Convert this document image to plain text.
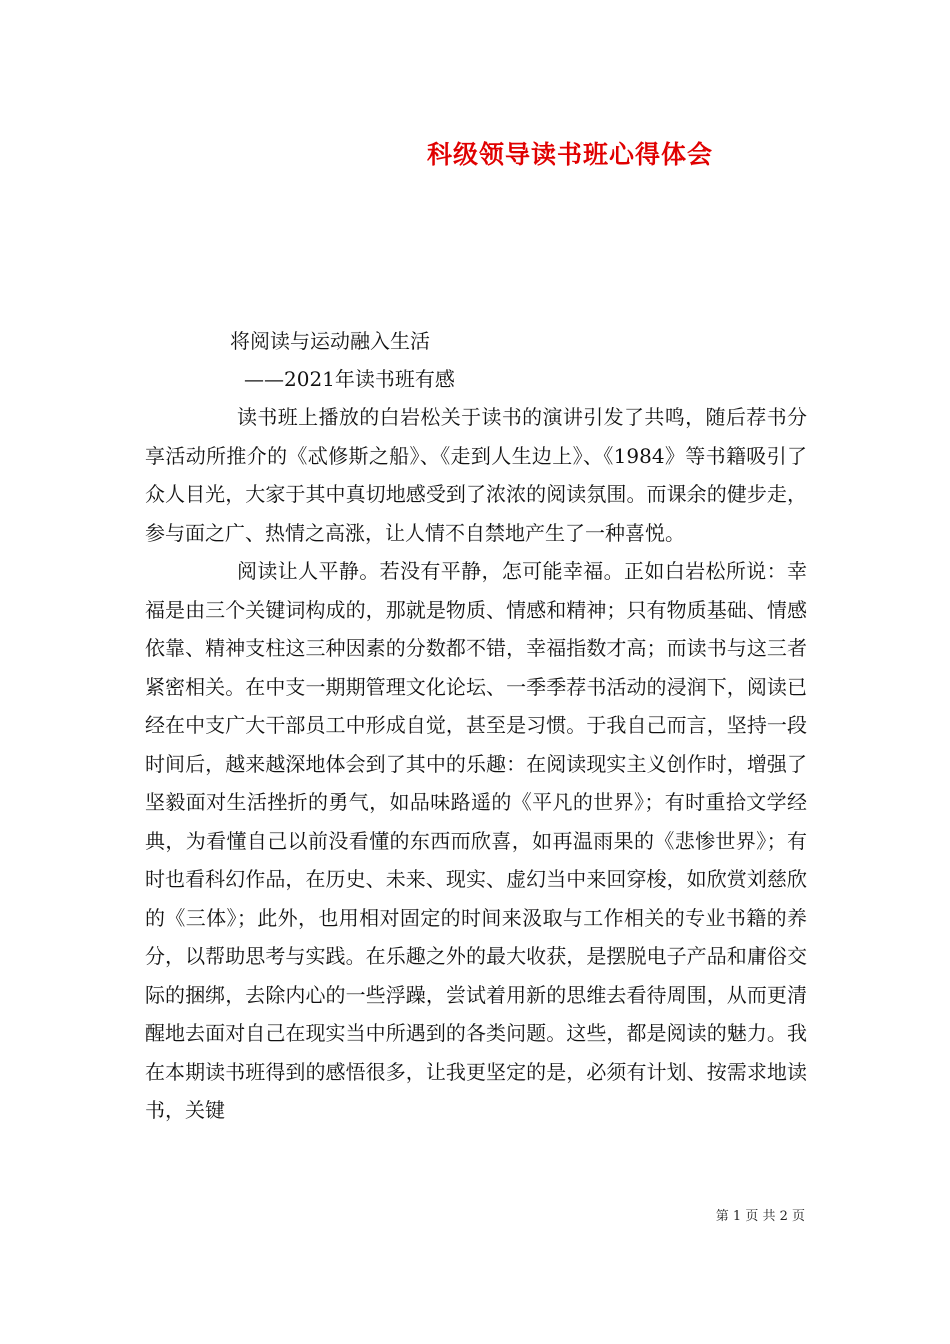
科级领导读书班心得体会
将阅读与运动融入生活
——2021年读书班有感

读书班上播放的白岩松关于读书的演讲引发了共鸣，随后荐书分享活动所推介的《忒修斯之船》、《走到人生边上》、《1984》等书籍吸引了众人目光，大家于其中真切地感受到了浓浓的阅读氛围。而课余的健步走，参与面之广、热情之高涨，让人情不自禁地产生了一种喜悦。

阅读让人平静。若没有平静，怎可能幸福。正如白岩松所说：幸福是由三个关键词构成的，那就是物质、情感和精神；只有物质基础、情感依靠、精神支柱这三种因素的分数都不错，幸福指数才高；而读书与这三者紧密相关。在中支一期期管理文化论坛、一季季荐书活动的浸润下，阅读已经在中支广大干部员工中形成自觉，甚至是习惯。于我自己而言，坚持一段时间后，越来越深地体会到了其中的乐趣：在阅读现实主义创作时，增强了坚毅面对生活挫折的勇气，如品味路遥的《平凡的世界》；有时重拾文学经典，为看懂自己以前没看懂的东西而欣喜，如再温雨果的《悲惨世界》；有时也看科幻作品，在历史、未来、现实、虚幻当中来回穿梭，如欣赏刘慈欣的《三体》；此外，也用相对固定的时间来汲取与工作相关的专业书籍的养分，以帮助思考与实践。在乐趣之外的最大收获，是摆脱电子产品和庸俗交际的捆绑，去除内心的一些浮躁，尝试着用新的思维去看待周围，从而更清醒地去面对自己在现实当中所遇到的各类问题。这些，都是阅读的魅力。我在本期读书班得到的感悟很多，让我更坚定的是，必须有计划、按需求地读书，关键

第 1 页 共 2 页
